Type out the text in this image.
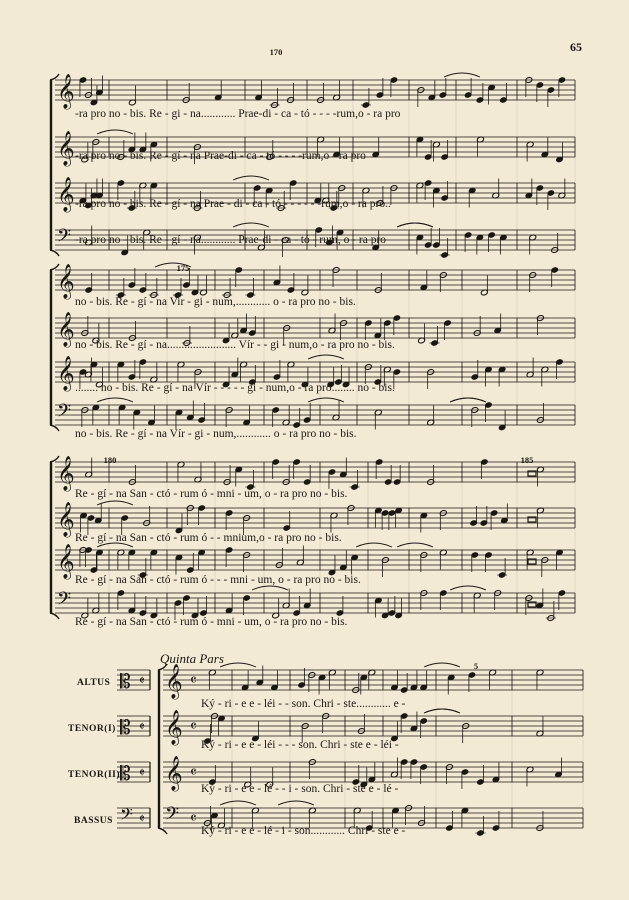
65
𝄞
𝄞
𝄞
𝄢
𝄞
𝄞
𝄞
𝄢
𝄞
𝄞
𝄞
𝄢
𝄞 𝄴
𝄞 𝄴
𝄞 𝄴
𝄢 𝄴
𝄡 𝄵
𝄡 𝄵
𝄡 𝄵
𝄢 𝄵
-ra pro no - bis. Re - gi - na............ Prae-di - ca - tó - - - -rum,o - ra pro
-ra pro no - bis. Re - gí - na Prae-di - ca - tó - - - -rum,o - ra pro
-ra pro no - bis. Re - gí - na Prae - di - ca - tó - - - - - -rum,o - ra pro..
-ra pro no - bis. Re - gí - na............ Prae-di - ca - tó - rum, o - ra pro
no - bis. Re - gí - na Vir - gi - num,............ o - ra pro no - bis.
no - bis. Re - gí - na........................ Vír - - gi - num,o - ra pro no - bis.
........ no - bis. Re - gí - na Vír - - - - - gi - num,o - ra pro........ no - bis.
no - bis. Re - gí - na Vír - gi - num,............ o - ra pro no - bis.
Re - gí - na San - ctó - rum ó - mni - um, o - ra pro no - bis.
Re - gí - na San - ctó - rum ó - - mnium,o - ra pro no - bis.
Re - gí - na San - ctó - rum ó - - - mni - um, o - ra pro no - bis.
Re - gí - na San - ctó - rum ó - mni - um, o - ra pro no - bis.
Ký - ri - e e - léi - - son. Chri - ste............ e -
Ký - ri - e e - léi - - - son. Chri - ste e - léi -
Ký - ri - e e - lé - - i - son. Chri - ste e - lé -
Ký - ri - e e - lé - i - son............ Chri - ste e -
ALTUS
TENOR(I)
TENOR(II)
BASSUS
Quinta Pars
170
175
180	185
5
